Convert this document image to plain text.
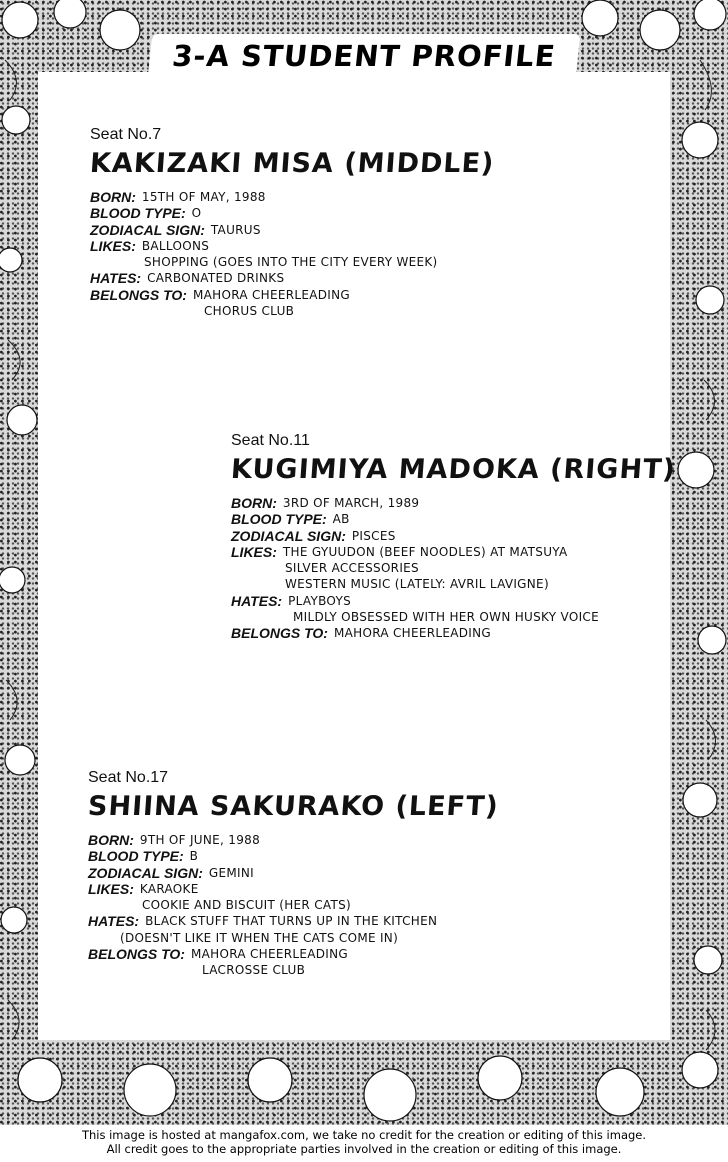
3-A STUDENT PROFILE
Seat No.7
KAKIZAKI MISA (MIDDLE)
BORN: 15TH OF MAY, 1988
BLOOD TYPE: O
ZODIACAL SIGN: TAURUS
LIKES: BALLOONS
SHOPPING (GOES INTO THE CITY EVERY WEEK)
HATES: CARBONATED DRINKS
BELONGS TO: MAHORA CHEERLEADING
CHORUS CLUB
Seat No.11
KUGIMIYA MADOKA (RIGHT)
BORN: 3RD OF MARCH, 1989
BLOOD TYPE: AB
ZODIACAL SIGN: PISCES
LIKES: THE GYUUDON (BEEF NOODLES) AT MATSUYA
SILVER ACCESSORIES
WESTERN MUSIC (LATELY: AVRIL LAVIGNE)
HATES: PLAYBOYS
MILDLY OBSESSED WITH HER OWN HUSKY VOICE
BELONGS TO: MAHORA CHEERLEADING
Seat No.17
SHIINA SAKURAKO (LEFT)
BORN: 9TH OF JUNE, 1988
BLOOD TYPE: B
ZODIACAL SIGN: GEMINI
LIKES: KARAOKE
COOKIE AND BISCUIT (HER CATS)
HATES: BLACK STUFF THAT TURNS UP IN THE KITCHEN
(DOESN'T LIKE IT WHEN THE CATS COME IN)
BELONGS TO: MAHORA CHEERLEADING
LACROSSE CLUB
This image is hosted at mangafox.com, we take no credit for the creation or editing of this image.
All credit goes to the appropriate parties involved in the creation or editing of this image.
